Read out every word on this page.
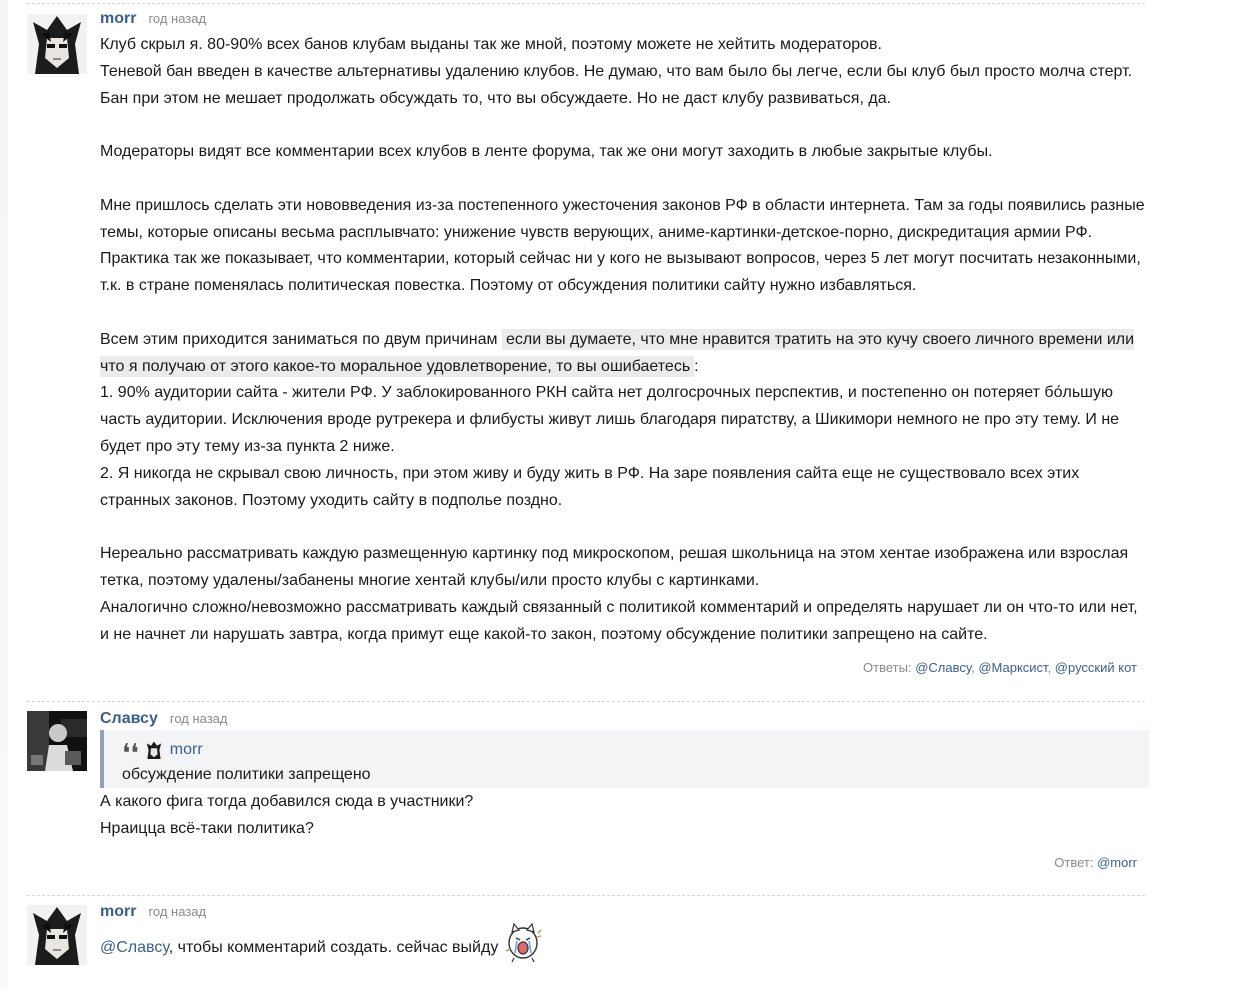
morr год назад

Клуб скрыл я. 80-90% всех банов клубам выданы так же мной, поэтому можете не хейтить модераторов.

Теневой бан введен в качестве альтернативы удалению клубов. Не думаю, что вам было бы легче, если бы клуб был просто молча стерт. Бан при этом не мешает продолжать обсуждать то, что вы обсуждаете. Но не даст клубу развиваться, да.

Модераторы видят все комментарии всех клубов в ленте форума, так же они могут заходить в любые закрытые клубы.

Мне пришлось сделать эти нововведения из-за постепенного ужесточения законов РФ в области интернета. Там за годы появились разные темы, которые описаны весьма расплывчато: унижение чувств верующих, аниме-картинки-детское-порно, дискредитация армии РФ. Практика так же показывает, что комментарии, который сейчас ни у кого не вызывают вопросов, через 5 лет могут посчитать незаконными, т.к. в стране поменялась политическая повестка. Поэтому от обсуждения политики сайту нужно избавляться.

Всем этим приходится заниматься по двум причинам если вы думаете, что мне нравится тратить на это кучу своего личного времени или что я получаю от этого какое-то моральное удовлетворение, то вы ошибаетесь :

1. 90% аудитории сайта - жители РФ. У заблокированного РКН сайта нет долгосрочных перспектив, и постепенно он потеряет бо́льшую часть аудитории. Исключения вроде рутрекера и флибусты живут лишь благодаря пиратству, а Шикимори немного не про эту тему. И не будет про эту тему из-за пункта 2 ниже.

2. Я никогда не скрывал свою личность, при этом живу и буду жить в РФ. На заре появления сайта еще не существовало всех этих странных законов. Поэтому уходить сайту в подполье поздно.

Нереально рассматривать каждую размещенную картинку под микроскопом, решая школьница на этом хентае изображена или взрослая тетка, поэтому удалены/забанены многие хентай клубы/или просто клубы с картинками.

Аналогично сложно/невозможно рассматривать каждый связанный с политикой комментарий и определять нарушает ли он что-то или нет, и не начнет ли нарушать завтра, когда примут еще какой-то закон, поэтому обсуждение политики запрещено на сайте.

Ответы: @Славсу, @Марксист, @русский кот
Славсу год назад
❛❛ morr
обсуждение политики запрещено

А какого фига тогда добавился сюда в участники?

Нраицца всё-таки политика?

Ответ: @morr
morr год назад

@Славсу, чтобы комментарий создать. сейчас выйду
